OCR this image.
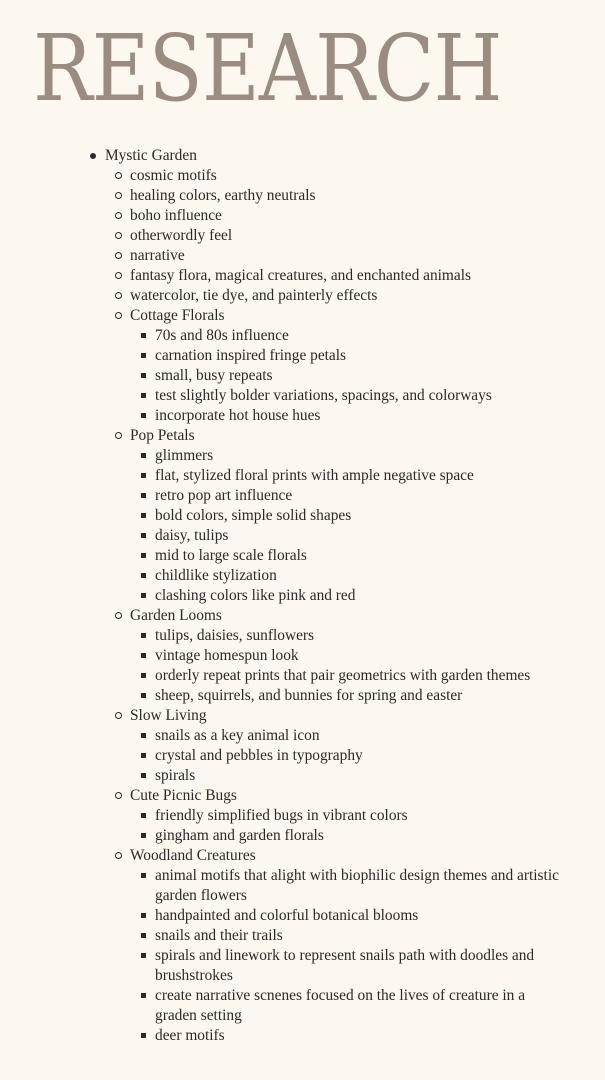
RESEARCH
Mystic Garden
cosmic motifs
healing colors, earthy neutrals
boho influence
otherwordly feel
narrative
fantasy flora, magical creatures, and enchanted animals
watercolor, tie dye, and painterly effects
Cottage Florals
70s and 80s influence
carnation inspired fringe petals
small, busy repeats
test slightly bolder variations, spacings, and colorways
incorporate hot house hues
Pop Petals
glimmers
flat, stylized floral prints with ample negative space
retro pop art influence
bold colors, simple solid shapes
daisy, tulips
mid to large scale florals
childlike stylization
clashing colors like pink and red
Garden Looms
tulips, daisies, sunflowers
vintage homespun look
orderly repeat prints that pair geometrics with garden themes
sheep, squirrels, and bunnies for spring and easter
Slow Living
snails as a key animal icon
crystal and pebbles in typography
spirals
Cute Picnic Bugs
friendly simplified bugs in vibrant colors
gingham and garden florals
Woodland Creatures
animal motifs that alight with biophilic design themes and artistic garden flowers
handpainted and colorful botanical blooms
snails and their trails
spirals and linework to represent snails path with doodles and brushstrokes
create narrative scnenes focused on the lives of creature in a graden setting
deer motifs
